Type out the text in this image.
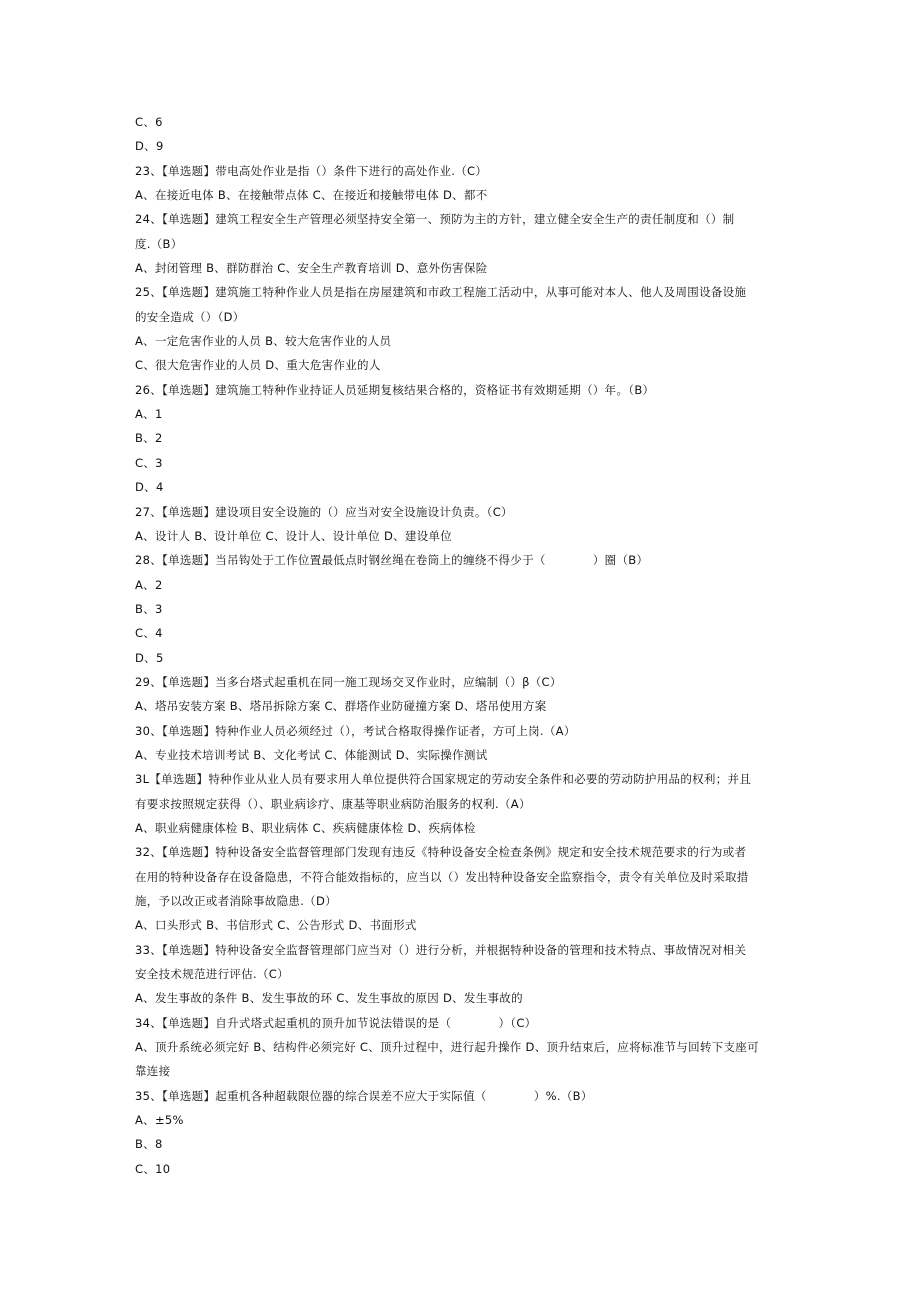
C、6
D、9
23、【单选题】带电高处作业是指（）条件下进行的高处作业.（C）
A、在接近电体 B、在接触带点体 C、在接近和接触带电体 D、都不
24、【单选题】建筑工程安全生产管理必须坚持安全第一、预防为主的方针，建立健全安全生产的责任制度和（）制
度.（B）
A、封闭管理 B、群防群治 C、安全生产教育培训 D、意外伤害保险
25、【单选题】建筑施工特种作业人员是指在房屋建筑和市政工程施工活动中，从事可能对本人、他人及周围设备设施
的安全造成（）（D）
A、一定危害作业的人员 B、较大危害作业的人员
C、很大危害作业的人员 D、重大危害作业的人
26、【单选题】建筑施工特种作业持证人员延期复核结果合格的，资格证书有效期延期（）年。（B）
A、1
B、2
C、3
D、4
27、【单选题】建设项目安全设施的（）应当对安全设施设计负责。（C）
A、设计人 B、设计单位 C、设计人、设计单位 D、建设单位
28、【单选题】当吊钩处于工作位置最低点时钢丝绳在卷筒上的缠绕不得少于（　　　　）圈（B）
A、2
B、3
C、4
D、5
29、【单选题】当多台塔式起重机在同一施工现场交叉作业时，应编制（）β（C）
A、塔吊安装方案 B、塔吊拆除方案 C、群塔作业防碰撞方案 D、塔吊使用方案
30、【单选题】特种作业人员必须经过（），考试合格取得操作证者，方可上岗.（A）
A、专业技术培训考试 B、文化考试 C、体能测试 D、实际操作测试
3L【单选题】特种作业从业人员有要求用人单位提供符合国家规定的劳动安全条件和必要的劳动防护用品的权利；并且
有要求按照规定获得（）、职业病诊疗、康基等职业病防治服务的权利.（A）
A、职业病健康体检 B、职业病体 C、疾病健康体检 D、疾病体检
32、【单选题】特种设备安全监督管理部门发现有违反《特种设备安全检查条例》规定和安全技术规范要求的行为或者
在用的特种设备存在设备隐患，不符合能效指标的，应当以（）发出特种设备安全监察指令，责令有关单位及时采取措
施，予以改正或者消除事故隐患.（D）
A、口头形式 B、书信形式 C、公告形式 D、书面形式
33、【单选题】特种设备安全监督管理部门应当对（）进行分析，并根据特种设备的管理和技术特点、事故情况对相关
安全技术规范进行评估.（C）
A、发生事故的条件 B、发生事故的环 C、发生事故的原因 D、发生事故的
34、【单选题】自升式塔式起重机的顶升加节说法错误的是（　　　　）（C）
A、顶升系统必须完好 B、结构件必须完好 C、顶升过程中，进行起升操作 D、顶升结束后，应将标准节与回转下支座可
靠连接
35、【单选题】起重机各种超载限位器的综合误差不应大于实际值（　　　　）%.（B）
A、±5%
B、8
C、10
